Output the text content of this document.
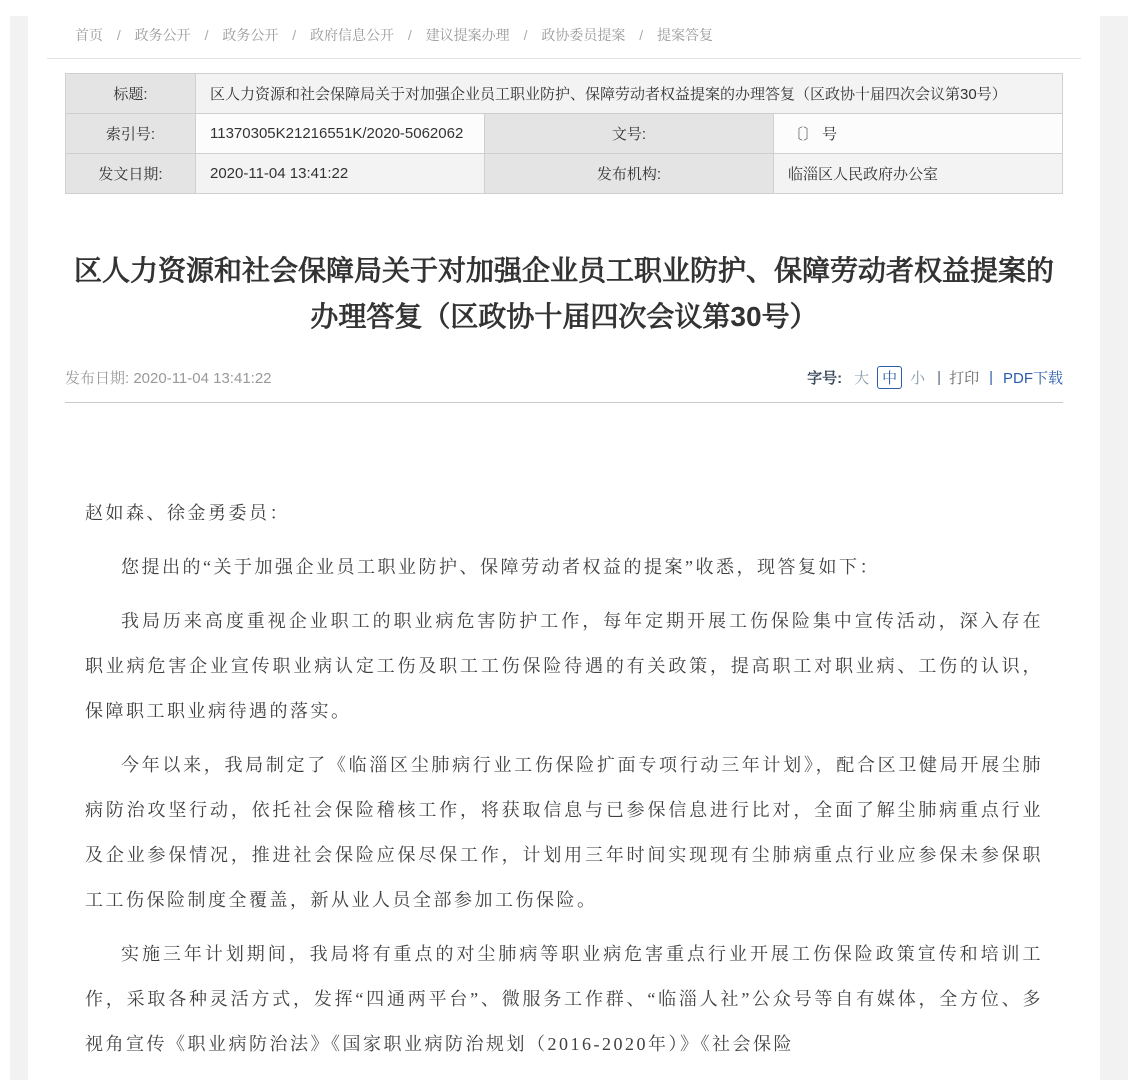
首页 / 政务公开 / 政务公开 / 政府信息公开 / 建议提案办理 / 政协委员提案 / 提案答复
标题:	区人力资源和社会保障局关于对加强企业员工职业防护、保障劳动者权益提案的办理答复（区政协十届四次会议第30号）		
索引号:	11370305K21216551K/2020-5062062	文号:	〔〕 号
发文日期:	2020-11-04 13:41:22	发布机构:	临淄区人民政府办公室
区人力资源和社会保障局关于对加强企业员工职业防护、保障劳动者权益提案的办理答复（区政协十届四次会议第30号）
发布日期: 2020-11-04 13:41:22	字号: 大 中 小 | 打印 | PDF下载

赵如森、徐金勇委员：

您提出的“关于加强企业员工职业防护、保障劳动者权益的提案”收悉，现答复如下：

我局历来高度重视企业职工的职业病危害防护工作，每年定期开展工伤保险集中宣传活动，深入存在职业病危害企业宣传职业病认定工伤及职工工伤保险待遇的有关政策，提高职工对职业病、工伤的认识，保障职工职业病待遇的落实。

今年以来，我局制定了《临淄区尘肺病行业工伤保险扩面专项行动三年计划》，配合区卫健局开展尘肺病防治攻坚行动，依托社会保险稽核工作，将获取信息与已参保信息进行比对，全面了解尘肺病重点行业及企业参保情况，推进社会保险应保尽保工作，计划用三年时间实现现有尘肺病重点行业应参保未参保职工工伤保险制度全覆盖，新从业人员全部参加工伤保险。

实施三年计划期间，我局将有重点的对尘肺病等职业病危害重点行业开展工伤保险政策宣传和培训工作，采取各种灵活方式，发挥“四通两平台”、微服务工作群、“临淄人社”公众号等自有媒体，全方位、多视角宣传《职业病防治法》《国家职业病防治规划（2016-2020年）》《社会保险
